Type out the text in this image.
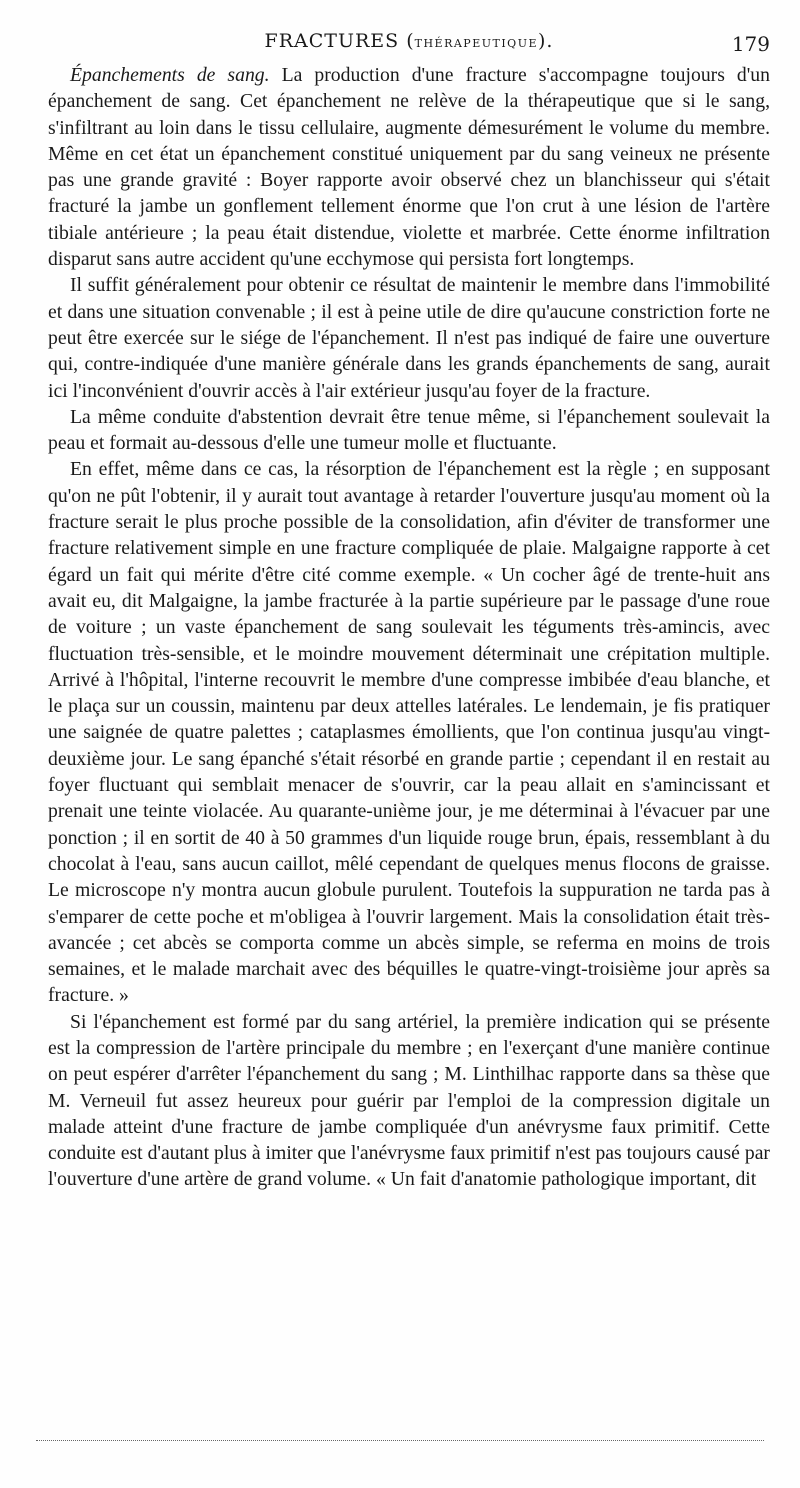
FRACTURES (THÉRAPEUTIQUE).	179

Épanchements de sang. La production d'une fracture s'accompagne toujours d'un épanchement de sang. Cet épanchement ne relève de la thérapeutique que si le sang, s'infiltrant au loin dans le tissu cellulaire, augmente démesurément le volume du membre. Même en cet état un épanchement constitué uniquement par du sang veineux ne présente pas une grande gravité : Boyer rapporte avoir observé chez un blanchisseur qui s'était fracturé la jambe un gonflement tellement énorme que l'on crut à une lésion de l'artère tibiale antérieure ; la peau était distendue, violette et marbrée. Cette énorme infiltration disparut sans autre accident qu'une ecchymose qui persista fort longtemps.

Il suffit généralement pour obtenir ce résultat de maintenir le membre dans l'immobilité et dans une situation convenable ; il est à peine utile de dire qu'aucune constriction forte ne peut être exercée sur le siége de l'épanchement. Il n'est pas indiqué de faire une ouverture qui, contre-indiquée d'une manière générale dans les grands épanchements de sang, aurait ici l'inconvénient d'ouvrir accès à l'air extérieur jusqu'au foyer de la fracture.

La même conduite d'abstention devrait être tenue même, si l'épanchement soulevait la peau et formait au-dessous d'elle une tumeur molle et fluctuante.

En effet, même dans ce cas, la résorption de l'épanchement est la règle ; en supposant qu'on ne pût l'obtenir, il y aurait tout avantage à retarder l'ouverture jusqu'au moment où la fracture serait le plus proche possible de la consolidation, afin d'éviter de transformer une fracture relativement simple en une fracture compliquée de plaie. Malgaigne rapporte à cet égard un fait qui mérite d'être cité comme exemple. « Un cocher âgé de trente-huit ans avait eu, dit Malgaigne, la jambe fracturée à la partie supérieure par le passage d'une roue de voiture ; un vaste épanchement de sang soulevait les téguments très-amincis, avec fluctuation très-sensible, et le moindre mouvement déterminait une crépitation multiple. Arrivé à l'hôpital, l'interne recouvrit le membre d'une compresse imbibée d'eau blanche, et le plaça sur un coussin, maintenu par deux attelles latérales. Le lendemain, je fis pratiquer une saignée de quatre palettes ; cataplasmes émollients, que l'on continua jusqu'au vingt-deuxième jour. Le sang épanché s'était résorbé en grande partie ; cependant il en restait au foyer fluctuant qui semblait menacer de s'ouvrir, car la peau allait en s'amincissant et prenait une teinte violacée. Au quarante-unième jour, je me déterminai à l'évacuer par une ponction ; il en sortit de 40 à 50 grammes d'un liquide rouge brun, épais, ressemblant à du chocolat à l'eau, sans aucun caillot, mêlé cependant de quelques menus flocons de graisse. Le microscope n'y montra aucun globule purulent. Toutefois la suppuration ne tarda pas à s'emparer de cette poche et m'obligea à l'ouvrir largement. Mais la consolidation était très-avancée ; cet abcès se comporta comme un abcès simple, se referma en moins de trois semaines, et le malade marchait avec des béquilles le quatre-vingt-troisième jour après sa fracture. »

Si l'épanchement est formé par du sang artériel, la première indication qui se présente est la compression de l'artère principale du membre ; en l'exerçant d'une manière continue on peut espérer d'arrêter l'épanchement du sang ; M. Linthilhac rapporte dans sa thèse que M. Verneuil fut assez heureux pour guérir par l'emploi de la compression digitale un malade atteint d'une fracture de jambe compliquée d'un anévrysme faux primitif. Cette conduite est d'autant plus à imiter que l'anévrysme faux primitif n'est pas toujours causé par l'ouverture d'une artère de grand volume. « Un fait d'anatomie pathologique important, dit
